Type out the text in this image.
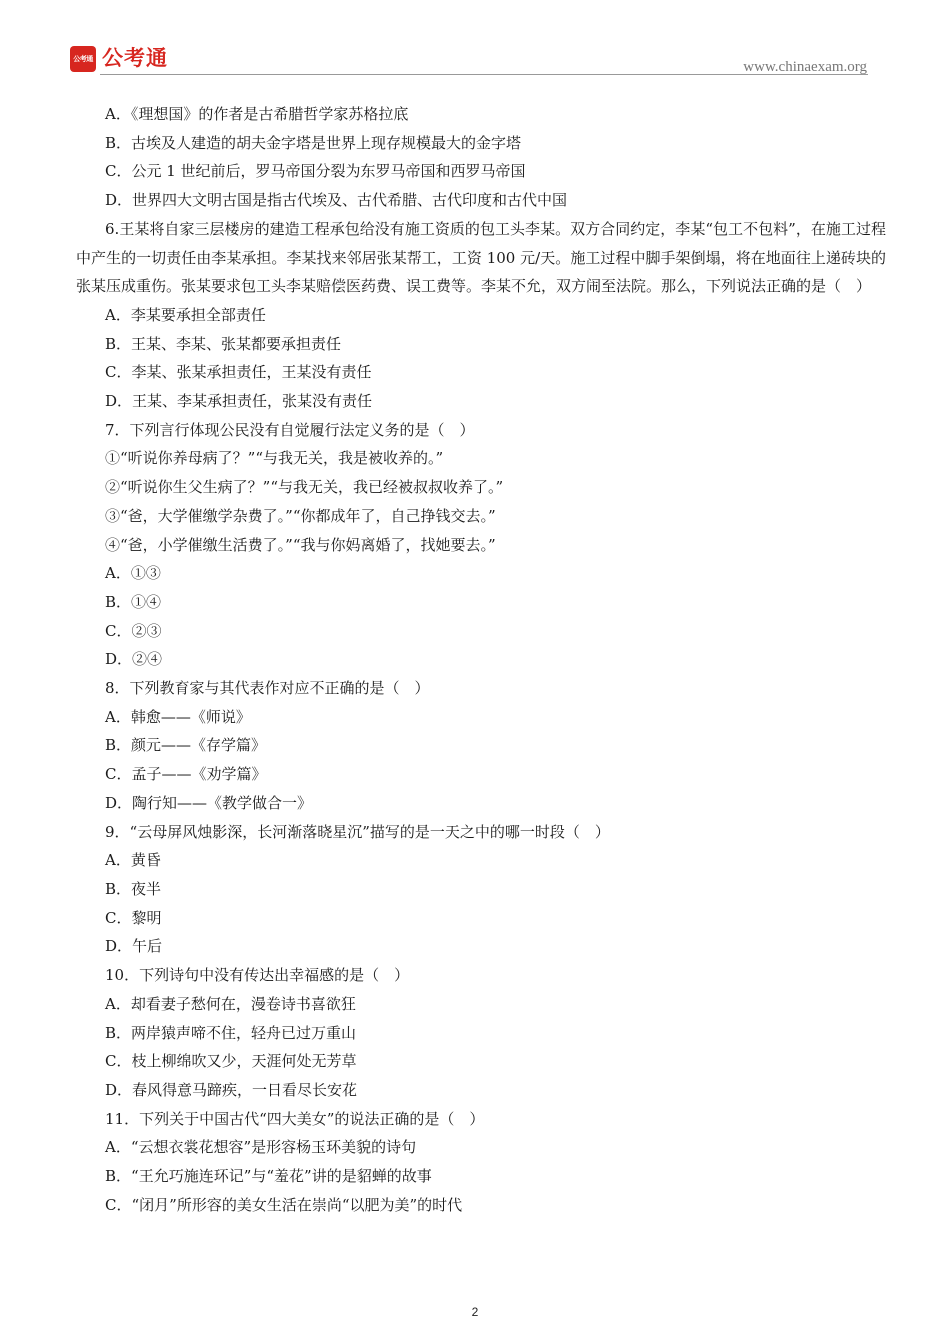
公考通 公考通	www.chinaexam.org
A．《理想国》的作者是古希腊哲学家苏格拉底
B．古埃及人建造的胡夫金字塔是世界上现存规模最大的金字塔
C．公元 1 世纪前后，罗马帝国分裂为东罗马帝国和西罗马帝国
D．世界四大文明古国是指古代埃及、古代希腊、古代印度和古代中国
6.王某将自家三层楼房的建造工程承包给没有施工资质的包工头李某。双方合同约定，李某“包工不包料”，在施工过程中产生的一切责任由李某承担。李某找来邻居张某帮工，工资 100 元/天。施工过程中脚手架倒塌，将在地面往上递砖块的张某压成重伤。张某要求包工头李某赔偿医药费、误工费等。李某不允，双方闹至法院。那么，下列说法正确的是（　）
A．李某要承担全部责任
B．王某、李某、张某都要承担责任
C．李某、张某承担责任，王某没有责任
D．王某、李某承担责任，张某没有责任
7．下列言行体现公民没有自觉履行法定义务的是（　）
①“听说你养母病了？”“与我无关，我是被收养的。”
②“听说你生父生病了？”“与我无关，我已经被叔叔收养了。”
③“爸，大学催缴学杂费了。”“你都成年了，自己挣钱交去。”
④“爸，小学催缴生活费了。”“我与你妈离婚了，找她要去。”
A．①③
B．①④
C．②③
D．②④
8．下列教育家与其代表作对应不正确的是（　）
A．韩愈——《师说》
B．颜元——《存学篇》
C．孟子——《劝学篇》
D．陶行知——《教学做合一》
9．“云母屏风烛影深，长河渐落晓星沉”描写的是一天之中的哪一时段（　）
A．黄昏
B．夜半
C．黎明
D．午后
10．下列诗句中没有传达出幸福感的是（　）
A．却看妻子愁何在，漫卷诗书喜欲狂
B．两岸猿声啼不住，轻舟已过万重山
C．枝上柳绵吹又少，天涯何处无芳草
D．春风得意马蹄疾，一日看尽长安花
11．下列关于中国古代“四大美女”的说法正确的是（　）
A．“云想衣裳花想容”是形容杨玉环美貌的诗句
B．“王允巧施连环记”与“羞花”讲的是貂蝉的故事
C．“闭月”所形容的美女生活在崇尚“以肥为美”的时代
2
